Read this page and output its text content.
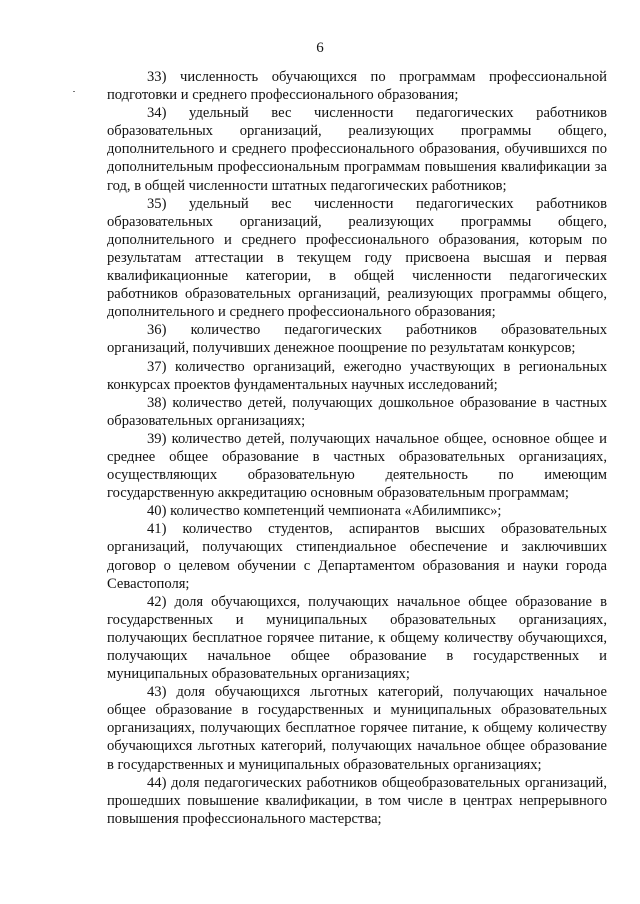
6

33) численность обучающихся по программам профессиональной подготовки и среднего профессионального образования;

34) удельный вес численности педагогических работников образовательных организаций, реализующих программы общего, дополнительного и среднего профессионального образования, обучившихся по дополнительным профессиональным программам повышения квалификации за год, в общей численности штатных педагогических работников;

35) удельный вес численности педагогических работников образовательных организаций, реализующих программы общего, дополнительного и среднего профессионального образования, которым по результатам аттестации в текущем году присвоена высшая и первая квалификационные категории, в общей численности педагогических работников образовательных организаций, реализующих программы общего, дополнительного и среднего профессионального образования;

36) количество педагогических работников образовательных организаций, получивших денежное поощрение по результатам конкурсов;

37) количество организаций, ежегодно участвующих в региональных конкурсах проектов фундаментальных научных исследований;

38) количество детей, получающих дошкольное образование в частных образовательных организациях;

39) количество детей, получающих начальное общее, основное общее и среднее общее образование в частных образовательных организациях, осуществляющих образовательную деятельность по имеющим государственную аккредитацию основным образовательным программам;

40) количество компетенций чемпионата «Абилимпикс»;

41) количество студентов, аспирантов высших образовательных организаций, получающих стипендиальное обеспечение и заключивших договор о целевом обучении с Департаментом образования и науки города Севастополя;

42) доля обучающихся, получающих начальное общее образование в государственных и муниципальных образовательных организациях, получающих бесплатное горячее питание, к общему количеству обучающихся, получающих начальное общее образование в государственных и муниципальных образовательных организациях;

43) доля обучающихся льготных категорий, получающих начальное общее образование в государственных и муниципальных образовательных организациях, получающих бесплатное горячее питание, к общему количеству обучающихся льготных категорий, получающих начальное общее образование в государственных и муниципальных образовательных организациях;

44) доля педагогических работников общеобразовательных организаций, прошедших повышение квалификации, в том числе в центрах непрерывного повышения профессионального мастерства;
